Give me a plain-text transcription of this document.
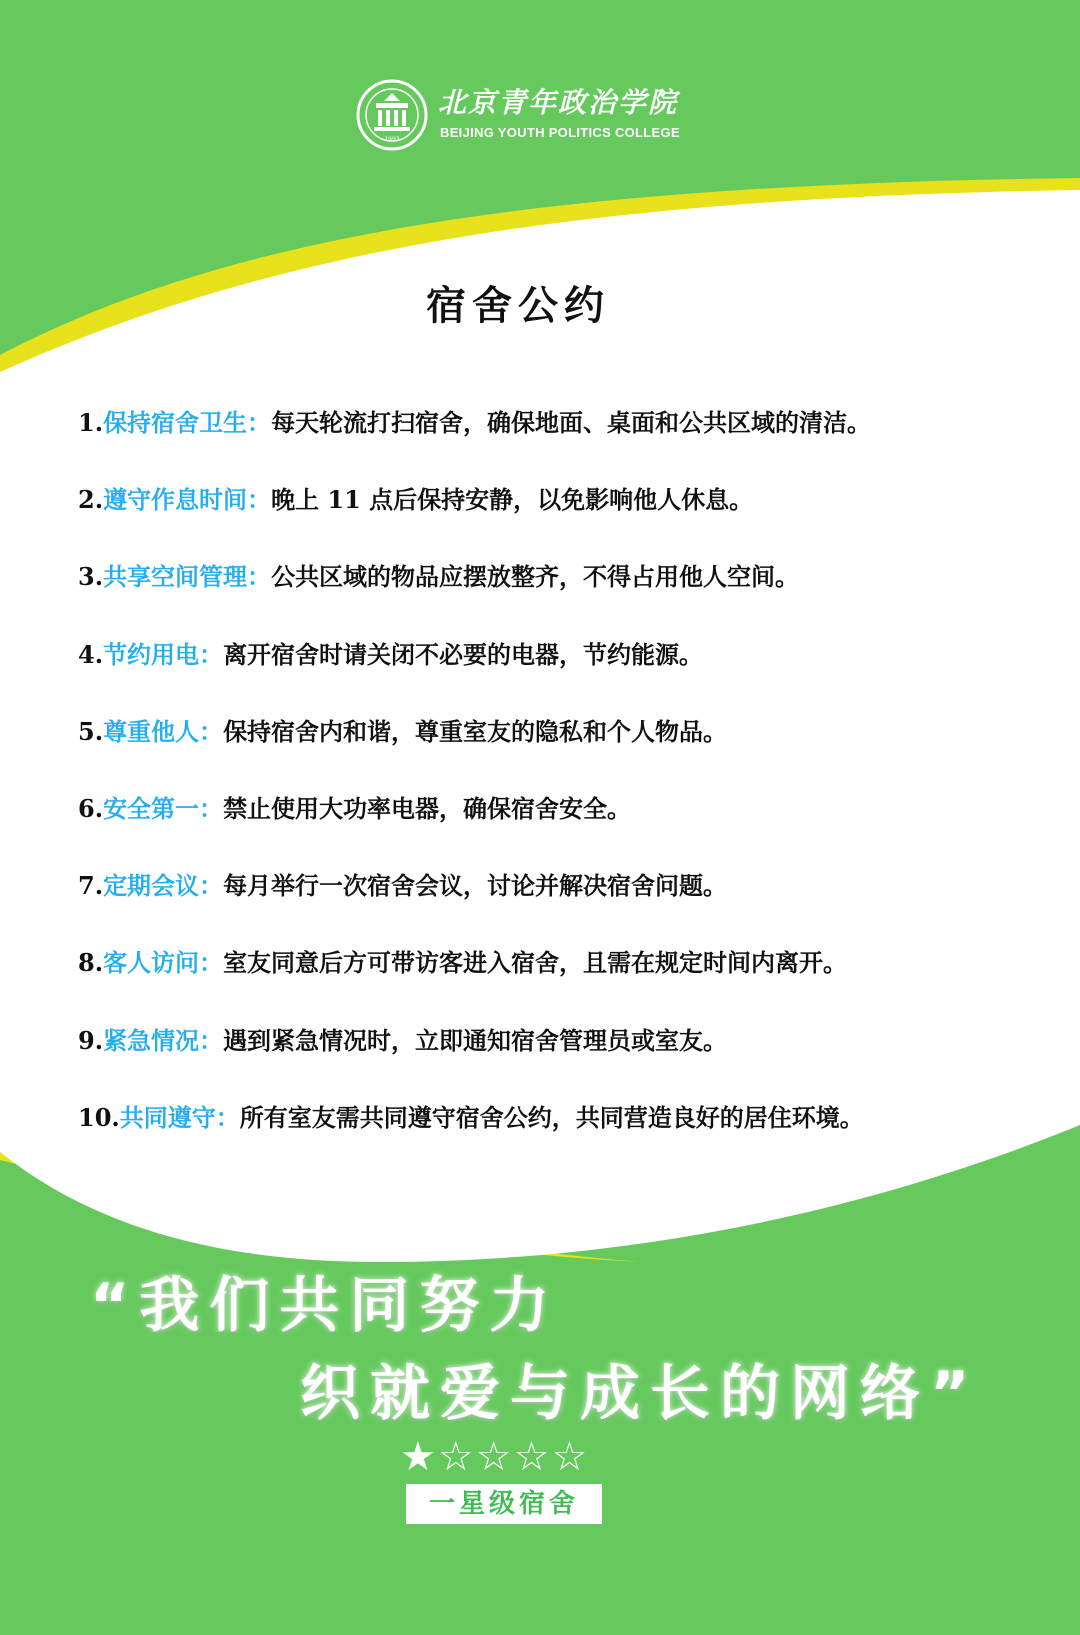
1993
北京青年政治学院
BEIJING YOUTH POLITICS COLLEGE
宿舍公约
1.保持宿舍卫生：每天轮流打扫宿舍，确保地面、桌面和公共区域的清洁。
2.遵守作息时间：晚上 11 点后保持安静，以免影响他人休息。
3.共享空间管理：公共区域的物品应摆放整齐，不得占用他人空间。
4.节约用电：离开宿舍时请关闭不必要的电器，节约能源。
5.尊重他人：保持宿舍内和谐，尊重室友的隐私和个人物品。
6.安全第一：禁止使用大功率电器，确保宿舍安全。
7.定期会议：每月举行一次宿舍会议，讨论并解决宿舍问题。
8.客人访问：室友同意后方可带访客进入宿舍，且需在规定时间内离开。
9.紧急情况：遇到紧急情况时，立即通知宿舍管理员或室友。
10.共同遵守：所有室友需共同遵守宿舍公约，共同营造良好的居住环境。
“我们共同努力
织就爱与成长的网络”
★☆☆☆☆
一星级宿舍
